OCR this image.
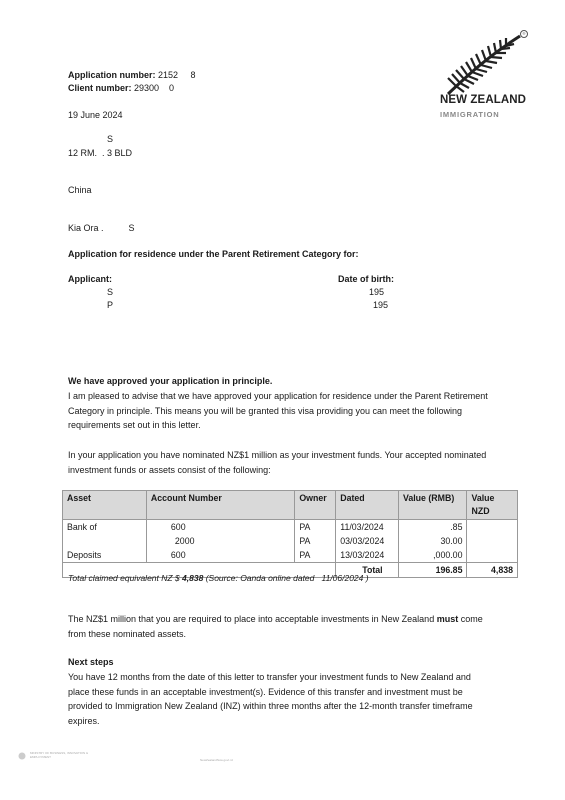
®
NEW ZEALAND
IMMIGRATION
Application number: 2152     8
Client number: 29300    0
19 June 2024
S
12 RM.  . 3 BLD
China
Kia Ora .          S
Application for residence under the Parent Retirement Category for:
Applicant:	Date of birth:
S	195
P	195
We have approved your application in principle.

I am pleased to advise that we have approved your application for residence under the Parent Retirement Category in principle. This means you will be granted this visa providing you can meet the following requirements set out in this letter.

In your application you have nominated NZ$1 million as your investment funds. Your accepted nominated investment funds or assets consist of the following:

Asset	Account Number	Owner	Dated	Value (RMB)	Value NZD
Bank of	600	PA	11/03/2024	.85	
	2000	PA	03/03/2024	30.00	
Deposits	600	PA	13/03/2024	,000.00	
			Total	196.85	4,838
Total claimed equivalent NZ $ 4,838 (Source: Oanda online dated   11/06/2024 )

The NZ$1 million that you are required to place into acceptable investments in New Zealand must come from these nominated assets.

Next steps

You have 12 months from the date of this letter to transfer your investment funds to New Zealand and place these funds in an acceptable investment(s). Evidence of this transfer and investment must be provided to Immigration New Zealand (INZ) within three months after the 12-month transfer timeframe expires.

MINISTRY OF BUSINESS, INNOVATION & EMPLOYMENT
NewZealandNow.govt.nz
